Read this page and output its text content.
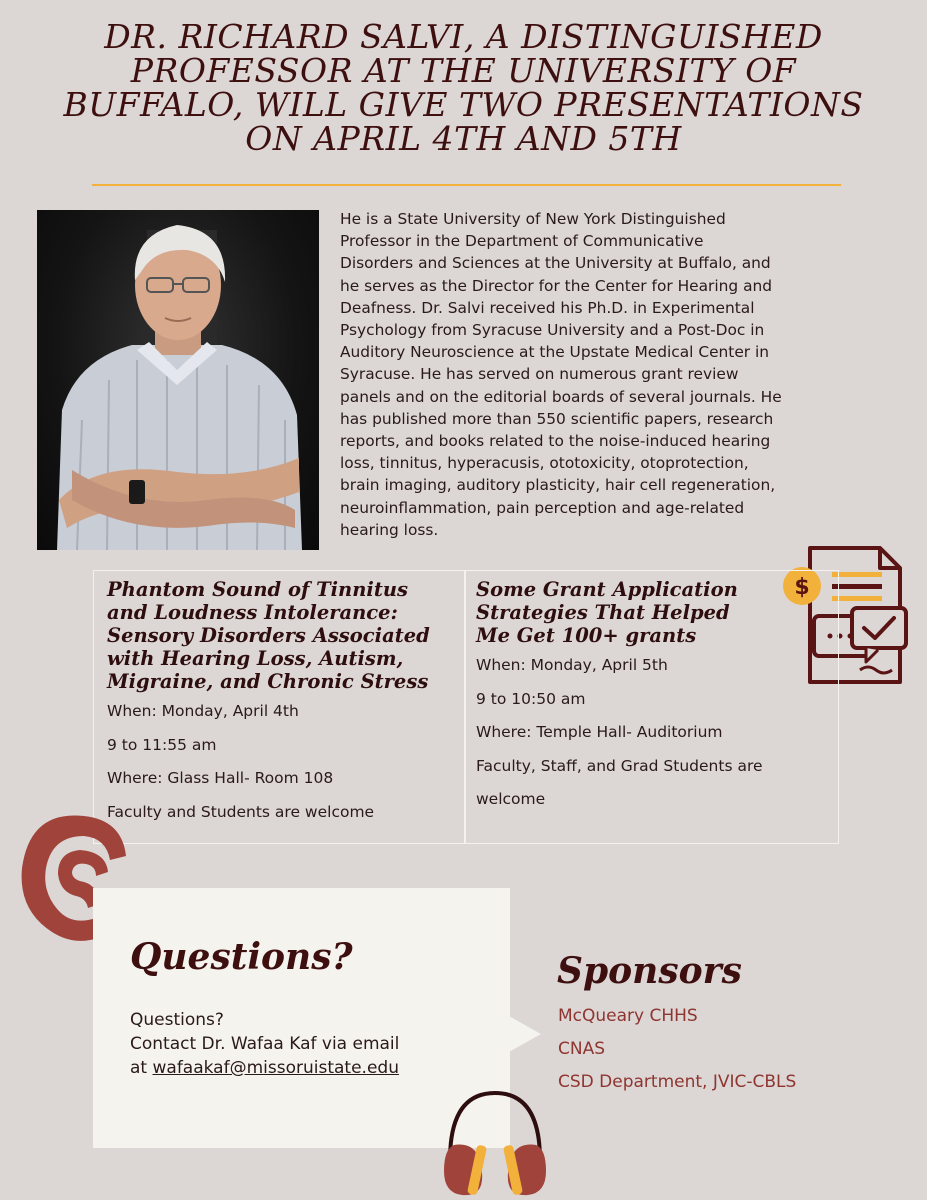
DR. RICHARD SALVI, A DISTINGUISHED
PROFESSOR AT THE UNIVERSITY OF
BUFFALO, WILL GIVE TWO PRESENTATIONS
ON APRIL 4TH AND 5TH
He is a State University of New York Distinguished
Professor in the Department of Communicative
Disorders and Sciences at the University at Buffalo, and
he serves as the Director for the Center for Hearing and
Deafness. Dr. Salvi received his Ph.D. in Experimental
Psychology from Syracuse University and a Post-Doc in
Auditory Neuroscience at the Upstate Medical Center in
Syracuse. He has served on numerous grant review
panels and on the editorial boards of several journals. He
has published more than 550 scientific papers, research
reports, and books related to the noise-induced hearing
loss, tinnitus, hyperacusis, ototoxicity, otoprotection,
brain imaging, auditory plasticity, hair cell regeneration,
neuroinflammation, pain perception and age-related
hearing loss.
$
Phantom Sound of Tinnitus
and Loudness Intolerance:
Sensory Disorders Associated
with Hearing Loss, Autism,
Migraine, and Chronic Stress
When: Monday, April 4th
9 to 11:55 am
Where: Glass Hall- Room 108
Faculty and Students are welcome
Some Grant Application
Strategies That Helped
Me Get 100+ grants
When: Monday, April 5th
9 to 10:50 am
Where: Temple Hall- Auditorium
Faculty, Staff, and Grad Students are
welcome
Questions?
Questions?
Contact Dr. Wafaa Kaf via email
at wafaakaf@missoruistate.edu
Sponsors
McQueary CHHS
CNAS
CSD Department, JVIC-CBLS
